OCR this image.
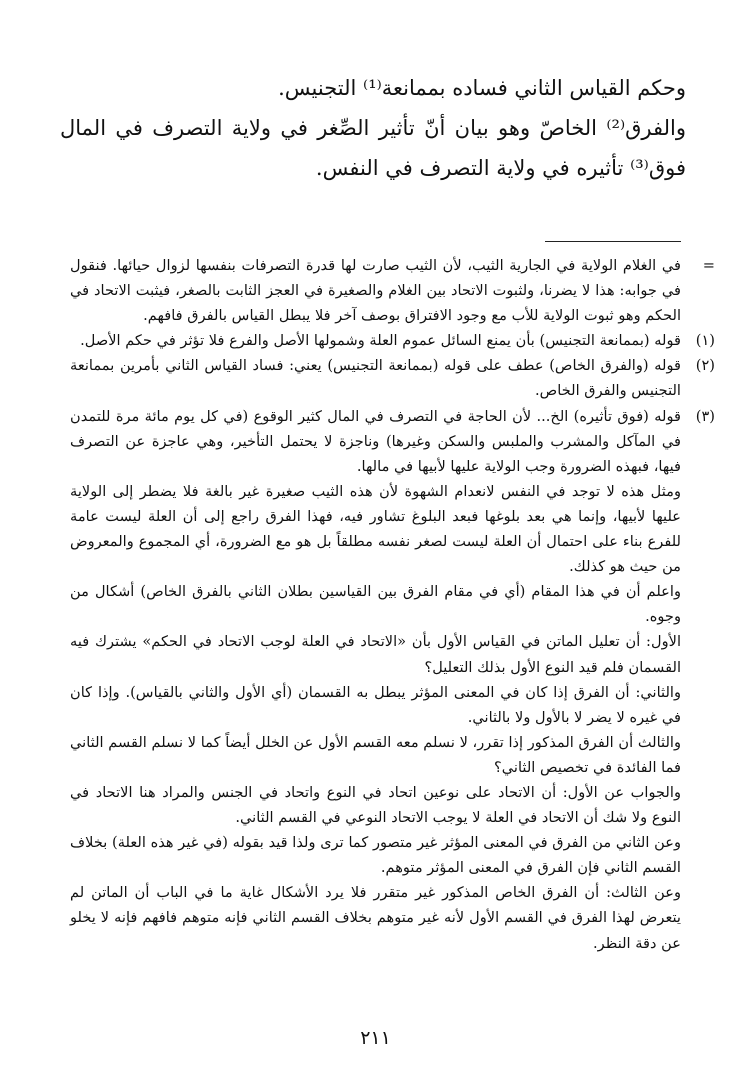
وحكم القياس الثاني فساده بممانعة⁽¹⁾ التجنيس.

والفرق⁽²⁾ الخاصّ وهو بيان أنّ تأثير الصِّغر في ولاية التصرف في المال فوق⁽³⁾ تأثيره في ولاية التصرف في النفس.

=
في الغلام الولاية في الجارية الثيب، لأن الثيب صارت لها قدرة التصرفات بنفسها لزوال حيائها. فنقول في جوابه: هذا لا يضرنا، ولثبوت الاتحاد بين الغلام والصغيرة في العجز الثابت بالصغر، فيثبت الاتحاد في الحكم وهو ثبوت الولاية للأب مع وجود الافتراق بوصف آخر فلا يبطل القياس بالفرق فافهم.

(١)
قوله (بممانعة التجنيس) بأن يمنع السائل عموم العلة وشمولها الأصل والفرع فلا تؤثر في حكم الأصل.

(٢)
قوله (والفرق الخاص) عطف على قوله (بممانعة التجنيس) يعني: فساد القياس الثاني بأمرين بممانعة التجنيس والفرق الخاص.

(٣)
قوله (فوق تأثيره) الخ... لأن الحاجة في التصرف في المال كثير الوقوع (في كل يوم مائة مرة للتمدن في المآكل والمشرب والملبس والسكن وغيرها) وناجزة لا يحتمل التأخير، وهي عاجزة عن التصرف فيها، فبهذه الضرورة وجب الولاية عليها لأبيها في مالها.

ومثل هذه لا توجد في النفس لانعدام الشهوة لأن هذه الثيب صغيرة غير بالغة فلا يضطر إلى الولاية عليها لأبيها، وإنما هي بعد بلوغها فبعد البلوغ تشاور فيه، فهذا الفرق راجع إلى أن العلة ليست عامة للفرع بناء على احتمال أن العلة ليست لصغر نفسه مطلقاً بل هو مع الضرورة، أي المجموع والمعروض من حيث هو كذلك.

واعلم أن في هذا المقام (أي في مقام الفرق بين القياسين بطلان الثاني بالفرق الخاص) أشكال من وجوه.

الأول: أن تعليل الماتن في القياس الأول بأن «الاتحاد في العلة لوجب الاتحاد في الحكم» يشترك فيه القسمان فلم قيد النوع الأول بذلك التعليل؟

والثاني: أن الفرق إذا كان في المعنى المؤثر يبطل به القسمان (أي الأول والثاني بالقياس). وإذا كان في غيره لا يضر لا بالأول ولا بالثاني.

والثالث أن الفرق المذكور إذا تقرر، لا نسلم معه القسم الأول عن الخلل أيضاً كما لا نسلم القسم الثاني فما الفائدة في تخصيص الثاني؟

والجواب عن الأول: أن الاتحاد على نوعين اتحاد في النوع واتحاد في الجنس والمراد هنا الاتحاد في النوع ولا شك أن الاتحاد في العلة لا يوجب الاتحاد النوعي في القسم الثاني.

وعن الثاني من الفرق في المعنى المؤثر غير متصور كما ترى ولذا قيد بقوله (في غير هذه العلة) بخلاف القسم الثاني فإن الفرق في المعنى المؤثر متوهم.

وعن الثالث: أن الفرق الخاص المذكور غير متقرر فلا يرد الأشكال غاية ما في الباب أن الماتن لم يتعرض لهذا الفرق في القسم الأول لأنه غير متوهم بخلاف القسم الثاني فإنه متوهم فافهم فإنه لا يخلو عن دقة النظر.

٢١١
